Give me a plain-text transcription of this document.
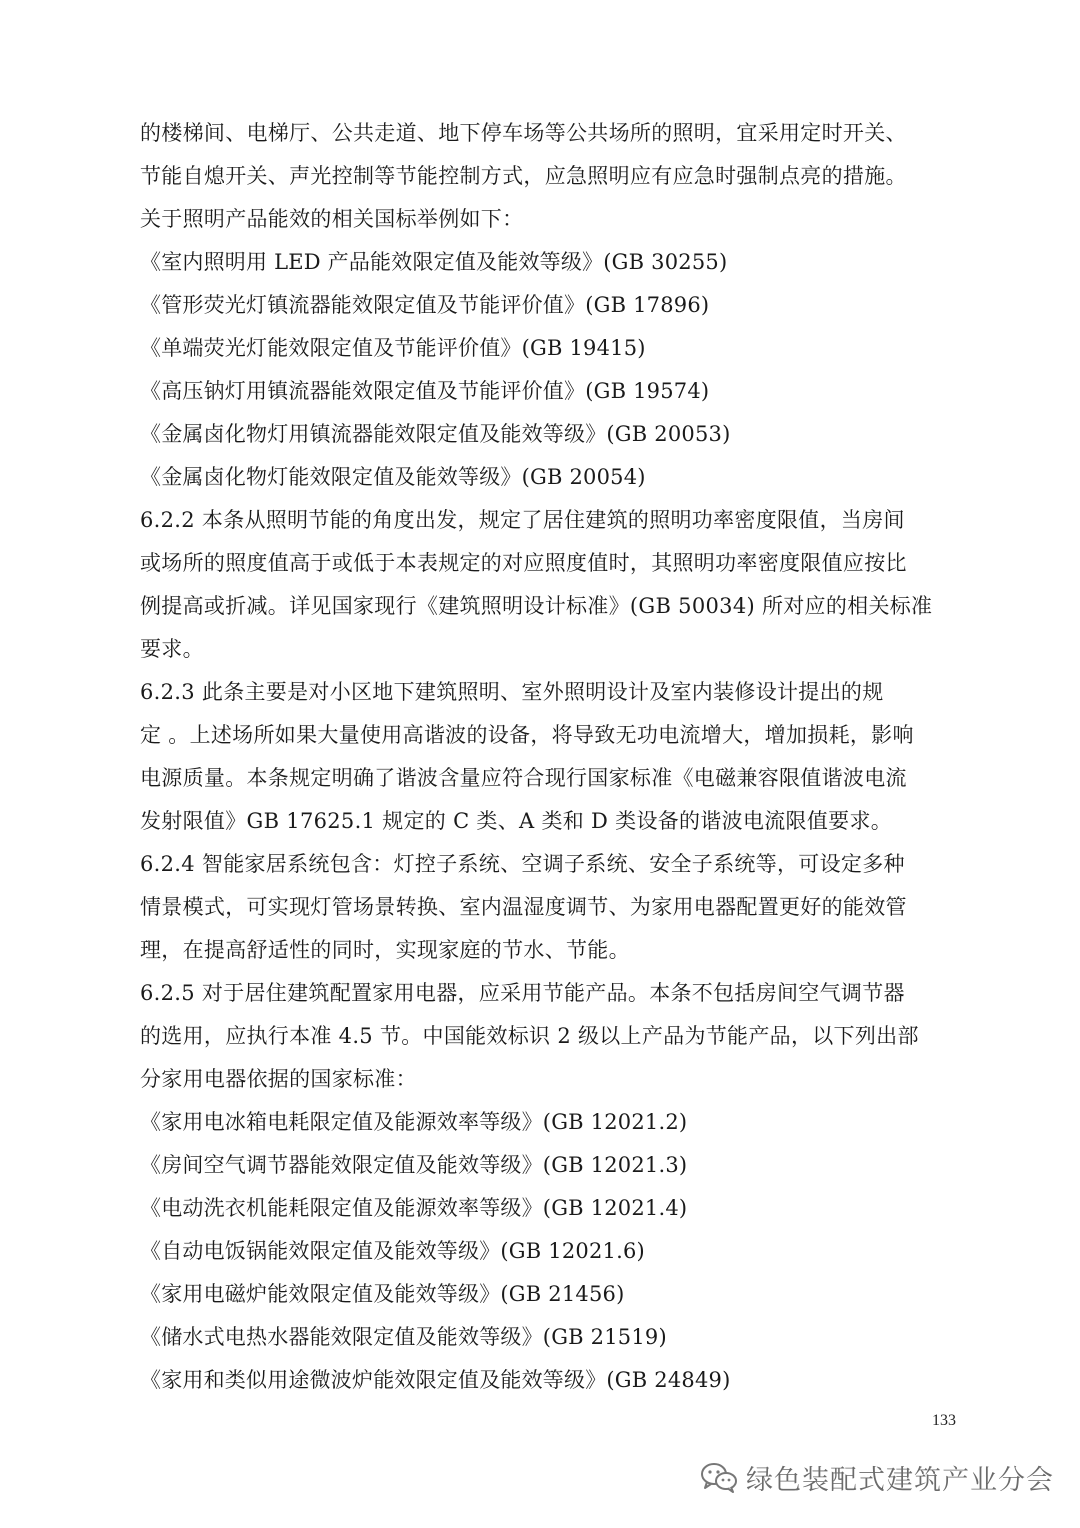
的楼梯间、电梯厅、公共走道、地下停车场等公共场所的照明，宜采用定时开关、
节能自熄开关、声光控制等节能控制方式，应急照明应有应急时强制点亮的措施。
关于照明产品能效的相关国标举例如下：
《室内照明用 LED 产品能效限定值及能效等级》(GB 30255)
《管形荧光灯镇流器能效限定值及节能评价值》(GB 17896)
《单端荧光灯能效限定值及节能评价值》(GB 19415)
《高压钠灯用镇流器能效限定值及节能评价值》(GB 19574)
《金属卤化物灯用镇流器能效限定值及能效等级》(GB 20053)
《金属卤化物灯能效限定值及能效等级》(GB 20054)
6.2.2 本条从照明节能的角度出发，规定了居住建筑的照明功率密度限值，当房间
或场所的照度值高于或低于本表规定的对应照度值时，其照明功率密度限值应按比
例提高或折减。详见国家现行《建筑照明设计标准》(GB 50034) 所对应的相关标准
要求。
6.2.3 此条主要是对小区地下建筑照明、室外照明设计及室内装修设计提出的规
定 。上述场所如果大量使用高谐波的设备，将导致无功电流增大，增加损耗，影响
电源质量。本条规定明确了谐波含量应符合现行国家标准《电磁兼容限值谐波电流
发射限值》GB 17625.1 规定的 C 类、A 类和 D 类设备的谐波电流限值要求。
6.2.4 智能家居系统包含：灯控子系统、空调子系统、安全子系统等，可设定多种
情景模式，可实现灯管场景转换、室内温湿度调节、为家用电器配置更好的能效管
理，在提高舒适性的同时，实现家庭的节水、节能。
6.2.5 对于居住建筑配置家用电器，应采用节能产品。本条不包括房间空气调节器
的选用，应执行本准 4.5 节。中国能效标识 2 级以上产品为节能产品，以下列出部
分家用电器依据的国家标准：
《家用电冰箱电耗限定值及能源效率等级》(GB 12021.2)
《房间空气调节器能效限定值及能效等级》(GB 12021.3)
《电动洗衣机能耗限定值及能源效率等级》(GB 12021.4)
《自动电饭锅能效限定值及能效等级》(GB 12021.6)
《家用电磁炉能效限定值及能效等级》(GB 21456)
《储水式电热水器能效限定值及能效等级》(GB 21519)
《家用和类似用途微波炉能效限定值及能效等级》(GB 24849)
133
绿色装配式建筑产业分会
